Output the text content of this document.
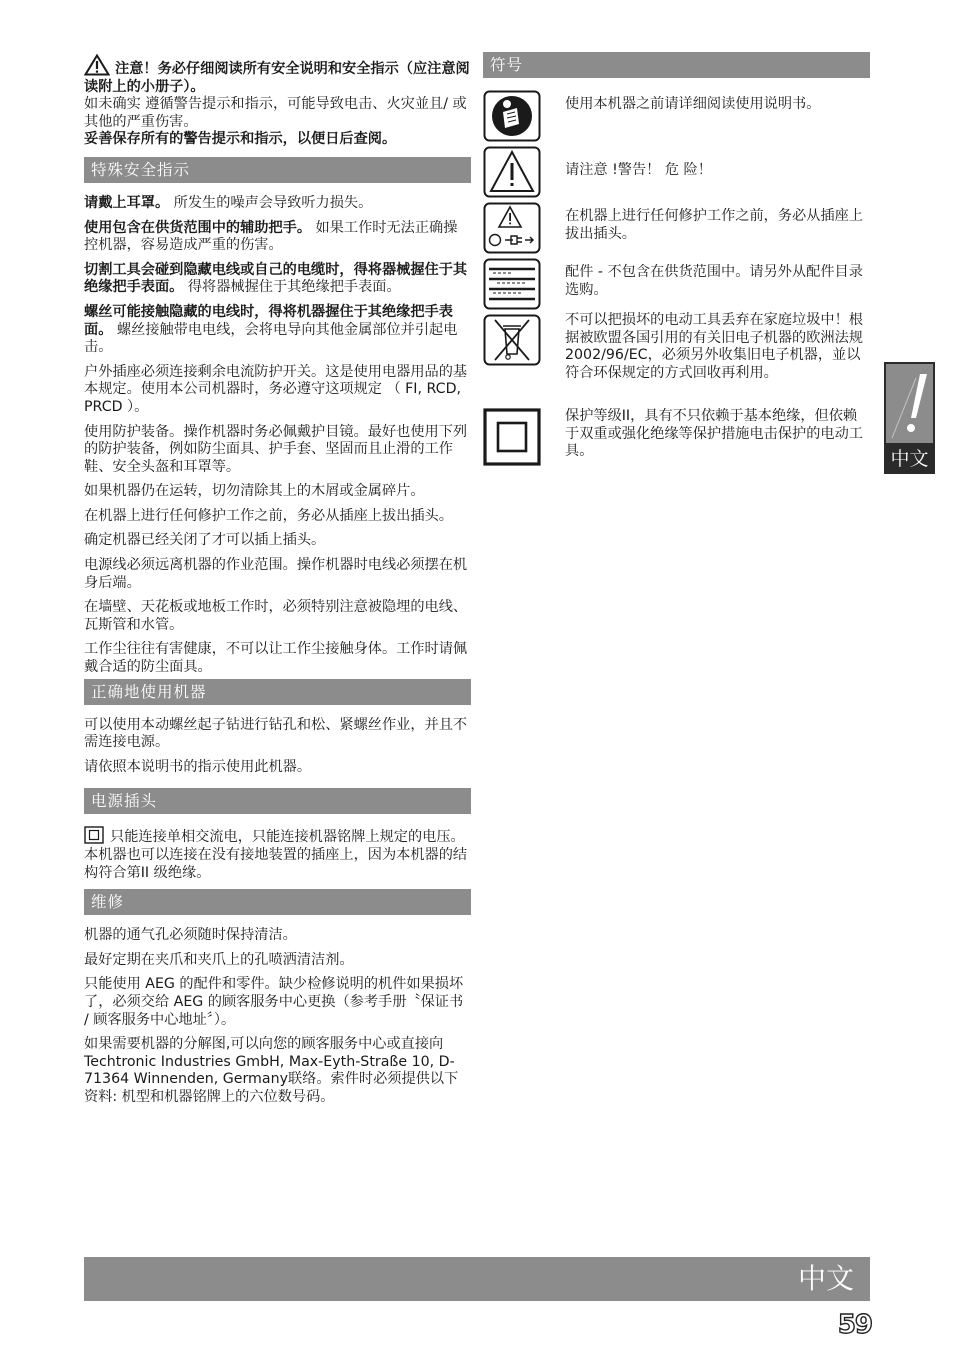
注意！务必仔细阅读所有安全说明和安全指示（应注意阅读附上的小册子）。

如未确实 遵循警告提示和指示，可能导致电击、火灾並且/ 或其他的严重伤害。

妥善保存所有的警告提示和指示，以便日后查阅。

特殊安全指示

请戴上耳罩。 所发生的噪声会导致听力损失。

使用包含在供货范围中的辅助把手。 如果工作时无法正确操控机器，容易造成严重的伤害。

切割工具会碰到隐藏电线或自己的电缆时，得将器械握住于其绝缘把手表面。 得将器械握住于其绝缘把手表面。

螺丝可能接触隐藏的电线时，得将机器握住于其绝缘把手表面。 螺丝接触带电电线，会将电导向其他金属部位并引起电击。

户外插座必须连接剩余电流防护开关。这是使用电器用品的基本规定。使用本公司机器时，务必遵守这项规定 （ FI, RCD, PRCD ）。

使用防护装备。操作机器时务必佩戴护目镜。最好也使用下列的防护装备，例如防尘面具、护手套、坚固而且止滑的工作鞋、安全头盔和耳罩等。

如果机器仍在运转，切勿清除其上的木屑或金属碎片。

在机器上进行任何修护工作之前，务必从插座上拔出插头。

确定机器已经关闭了才可以插上插头。

电源线必须远离机器的作业范围。操作机器时电线必须摆在机身后端。

在墙壁、天花板或地板工作时，必须特别注意被隐埋的电线、瓦斯管和水管。

工作尘往往有害健康，不可以让工作尘接触身体。工作时请佩戴合适的防尘面具。

正确地使用机器

可以使用本动螺丝起子钻进行钻孔和松、紧螺丝作业，并且不需连接电源。

请依照本说明书的指示使用此机器。

电源插头

只能连接单相交流电，只能连接机器铭牌上规定的电压。本机器也可以连接在没有接地装置的插座上，因为本机器的结构符合第II 级绝缘。

维修

机器的通气孔必须随时保持清洁。

最好定期在夹爪和夹爪上的孔喷洒清洁剂。

只能使用 AEG 的配件和零件。缺少检修说明的机件如果损坏了，必须交给 AEG 的顾客服务中心更换（参考手册〝保证书 / 顾客服务中心地址〞）。

如果需要机器的分解图,可以向您的顾客服务中心或直接向 Techtronic Industries GmbH, Max-Eyth-Straße 10, D-71364 Winnenden, Germany联络。索件时必须提供以下资料: 机型和机器铭牌上的六位数号码。

符号

使用本机器之前请详细阅读使用说明书。

请注意 !警告！ 危 险！

在机器上进行任何修护工作之前，务必从插座上拔出插头。

配件 - 不包含在供货范围中。请另外从配件目录选购。

不可以把损坏的电动工具丢弃在家庭垃圾中！根据被欧盟各国引用的有关旧电子机器的欧洲法规2002/96/EC，必须另外收集旧电子机器，並以符合环保规定的方式回收再利用。

保护等级II，具有不只依赖于基本绝缘，但依赖于双重或强化绝缘等保护措施电击保护的电动工具。	中文
中文
59
